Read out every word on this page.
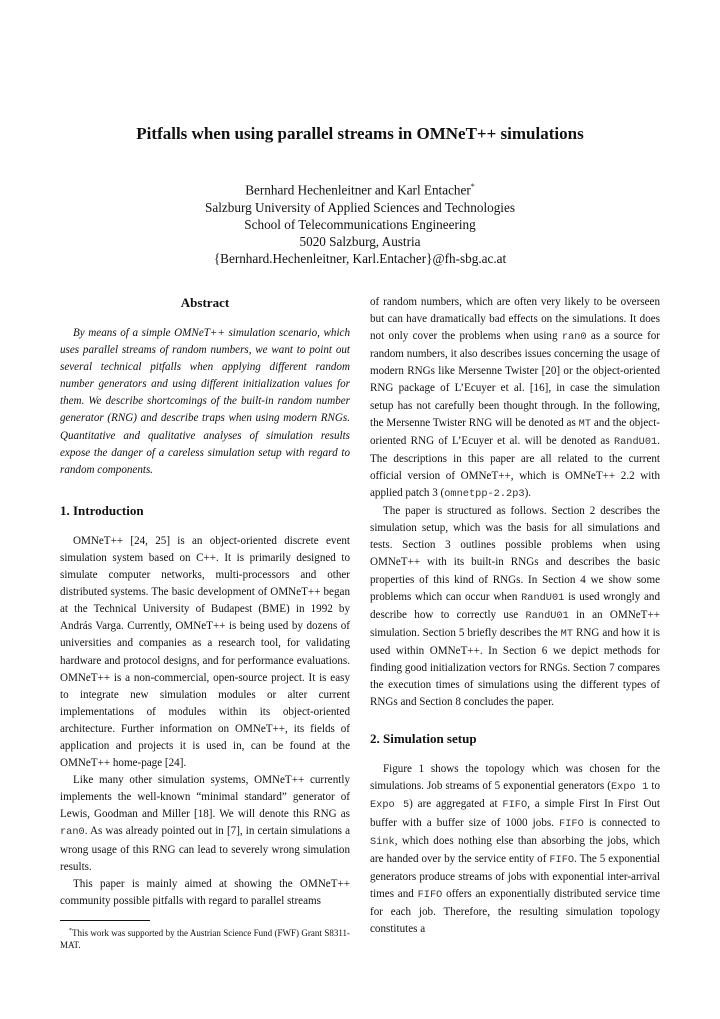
Pitfalls when using parallel streams in OMNeT++ simulations
Bernhard Hechenleitner and Karl Entacher*
Salzburg University of Applied Sciences and Technologies
School of Telecommunications Engineering
5020 Salzburg, Austria
{Bernhard.Hechenleitner, Karl.Entacher}@fh-sbg.ac.at
Abstract

By means of a simple OMNeT++ simulation scenario, which uses parallel streams of random numbers, we want to point out several technical pitfalls when applying different random number generators and using different initialization values for them. We describe shortcomings of the built-in random number generator (RNG) and describe traps when using modern RNGs. Quantitative and qualitative analyses of simulation results expose the danger of a careless simulation setup with regard to random components.

1. Introduction

OMNeT++ [24, 25] is an object-oriented discrete event simulation system based on C++. It is primarily designed to simulate computer networks, multi-processors and other distributed systems. The basic development of OMNeT++ began at the Technical University of Budapest (BME) in 1992 by András Varga. Currently, OMNeT++ is being used by dozens of universities and companies as a research tool, for validating hardware and protocol designs, and for performance evaluations. OMNeT++ is a non-commercial, open-source project. It is easy to integrate new simulation modules or alter current implementations of modules within its object-oriented architecture. Further information on OMNeT++, its fields of application and projects it is used in, can be found at the OMNeT++ home-page [24].

Like many other simulation systems, OMNeT++ currently implements the well-known “minimal standard” generator of Lewis, Goodman and Miller [18]. We will denote this RNG as ran0. As was already pointed out in [7], in certain simulations a wrong usage of this RNG can lead to severely wrong simulation results.

This paper is mainly aimed at showing the OMNeT++ community possible pitfalls with regard to parallel streams

*This work was supported by the Austrian Science Fund (FWF) Grant S8311-MAT.

of random numbers, which are often very likely to be overseen but can have dramatically bad effects on the simulations. It does not only cover the problems when using ran0 as a source for random numbers, it also describes issues concerning the usage of modern RNGs like Mersenne Twister [20] or the object-oriented RNG package of L’Ecuyer et al. [16], in case the simulation setup has not carefully been thought through. In the following, the Mersenne Twister RNG will be denoted as MT and the object-oriented RNG of L’Ecuyer et al. will be denoted as RandU01. The descriptions in this paper are all related to the current official version of OMNeT++, which is OMNeT++ 2.2 with applied patch 3 (omnetpp-2.2p3).

The paper is structured as follows. Section 2 describes the simulation setup, which was the basis for all simulations and tests. Section 3 outlines possible problems when using OMNeT++ with its built-in RNGs and describes the basic properties of this kind of RNGs. In Section 4 we show some problems which can occur when RandU01 is used wrongly and describe how to correctly use RandU01 in an OMNeT++ simulation. Section 5 briefly describes the MT RNG and how it is used within OMNeT++. In Section 6 we depict methods for finding good initialization vectors for RNGs. Section 7 compares the execution times of simulations using the different types of RNGs and Section 8 concludes the paper.

2. Simulation setup

Figure 1 shows the topology which was chosen for the simulations. Job streams of 5 exponential generators (Expo 1 to Expo 5) are aggregated at FIFO, a simple First In First Out buffer with a buffer size of 1000 jobs. FIFO is connected to Sink, which does nothing else than absorbing the jobs, which are handed over by the service entity of FIFO. The 5 exponential generators produce streams of jobs with exponential inter-arrival times and FIFO offers an exponentially distributed service time for each job. Therefore, the resulting simulation topology constitutes a
